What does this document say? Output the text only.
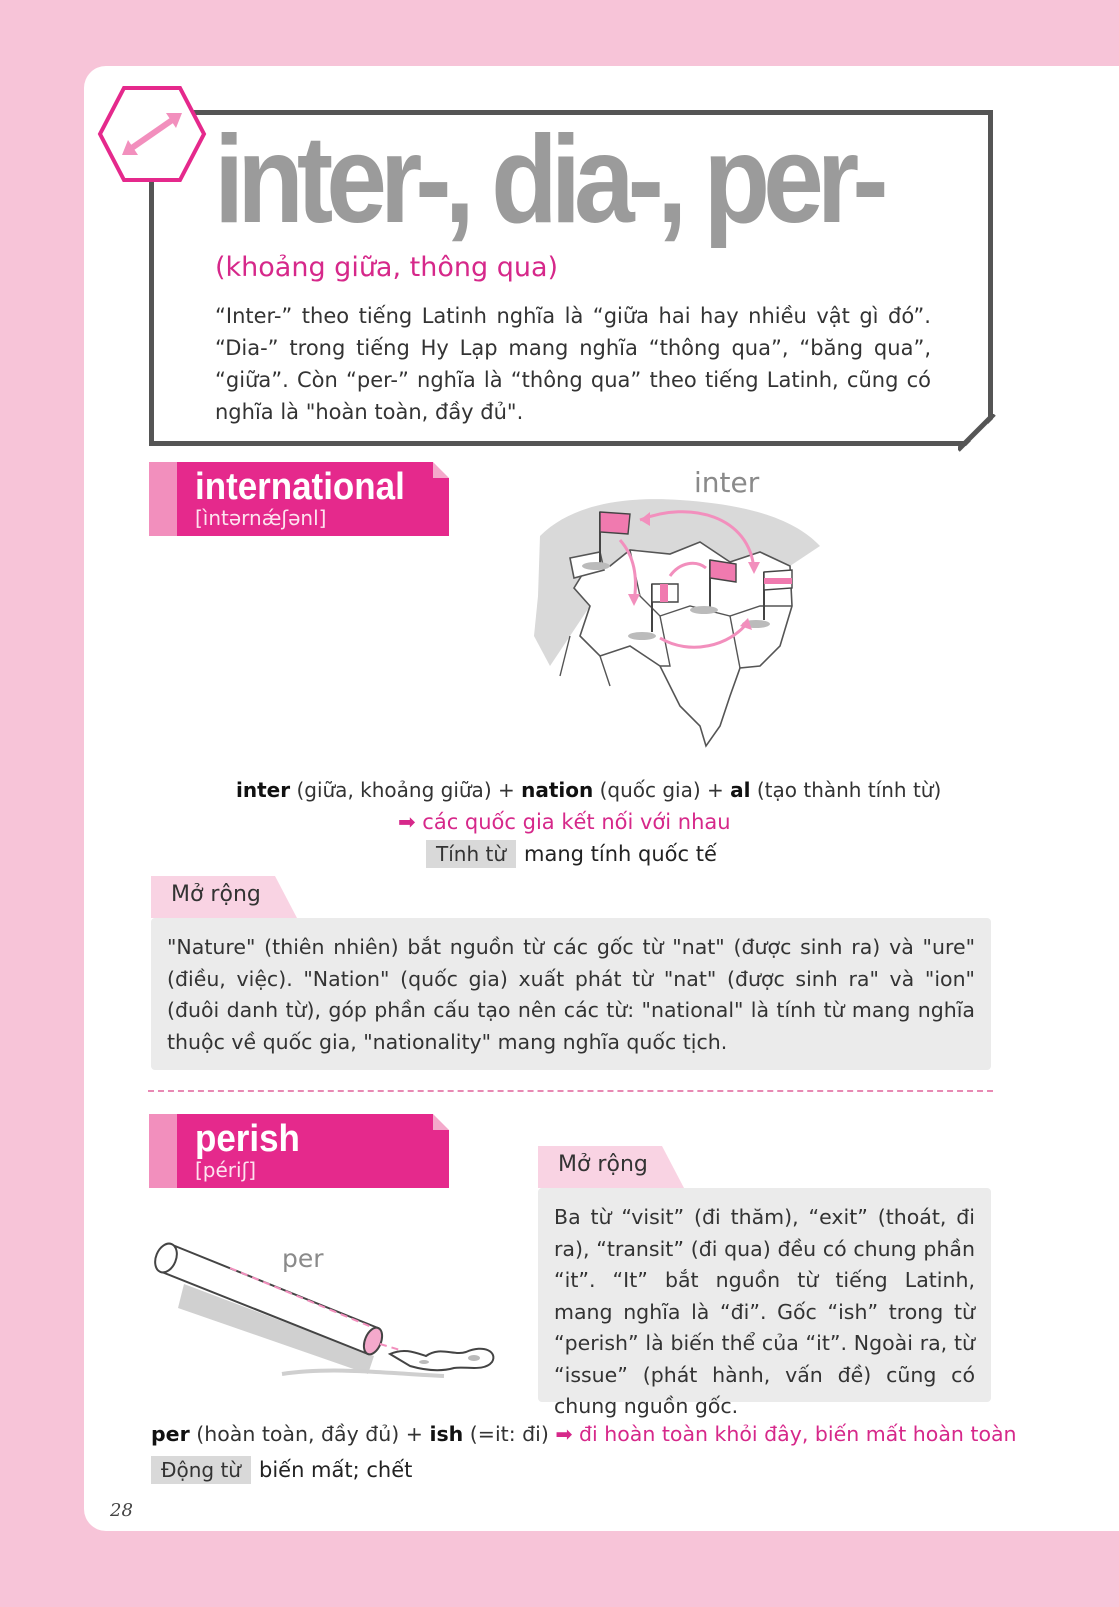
inter-, dia-, per-
(khoảng giữa, thông qua)
“Inter-” theo tiếng Latinh nghĩa là “giữa hai hay nhiều vật gì đó”. “Dia-” trong tiếng Hy Lạp mang nghĩa “thông qua”, “băng qua”, “giữa”. Còn “per-” nghĩa là “thông qua” theo tiếng Latinh, cũng có nghĩa là "hoàn toàn, đầy đủ".
international
[ìntərnǽʃənl]
inter
inter (giữa, khoảng giữa) + nation (quốc gia) + al (tạo thành tính từ)
➡ các quốc gia kết nối với nhau
Tính từ mang tính quốc tế
Mở rộng
"Nature" (thiên nhiên) bắt nguồn từ các gốc từ "nat" (được sinh ra) và "ure" (điều, việc). "Nation" (quốc gia) xuất phát từ "nat" (được sinh ra" và "ion" (đuôi danh từ), góp phần cấu tạo nên các từ: "national" là tính từ mang nghĩa thuộc về quốc gia, "nationality" mang nghĩa quốc tịch.
perish
[périʃ]
per
Mở rộng
Ba từ “visit” (đi thăm), “exit” (thoát, đi ra), “transit” (đi qua) đều có chung phần “it”. “It” bắt nguồn từ tiếng Latinh, mang nghĩa là “đi”. Gốc “ish” trong từ “perish” là biến thể của “it”. Ngoài ra, từ “issue” (phát hành, vấn đề) cũng có chung nguồn gốc.
per (hoàn toàn, đầy đủ) + ish (=it: đi) ➡ đi hoàn toàn khỏi đây, biến mất hoàn toàn
Động từ biến mất; chết
28
